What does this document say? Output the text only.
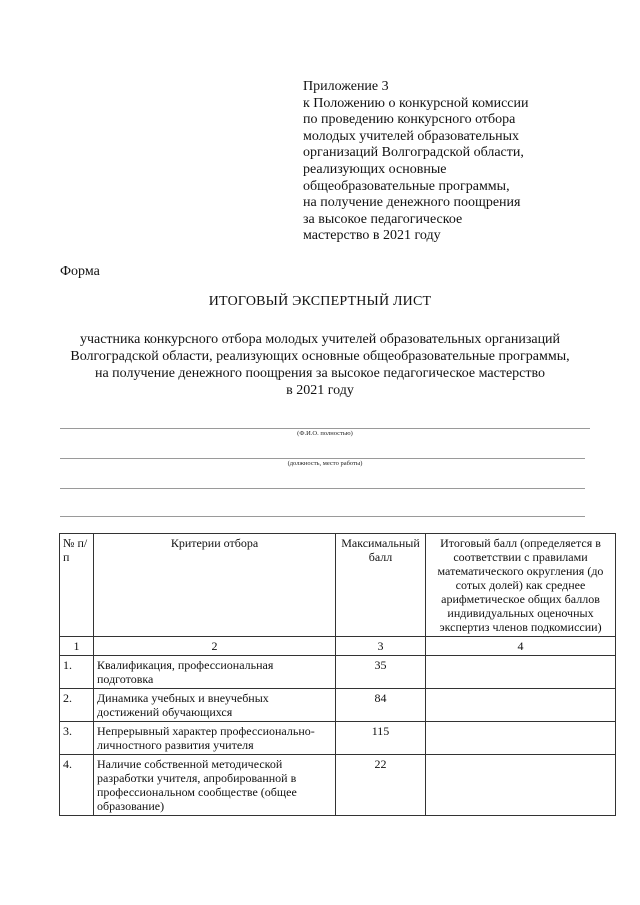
Приложение 3
к Положению о конкурсной комиссии
по проведению конкурсного отбора
молодых учителей образовательных
организаций Волгоградской области,
реализующих основные
общеобразовательные программы,
на получение денежного поощрения
за высокое педагогическое
мастерство в 2021 году
Форма
ИТОГОВЫЙ ЭКСПЕРТНЫЙ ЛИСТ
участника конкурсного отбора молодых учителей образовательных организаций
Волгоградской области, реализующих основные общеобразовательные программы,
на получение денежного поощрения за высокое педагогическое мастерство
в 2021 году
(Ф.И.О. полностью)
(должность, место работы)
№ п/п	Критерии отбора	Максимальный балл	Итоговый балл (определяется в соответствии с правилами математического округления (до сотых долей) как среднее арифметическое общих баллов индивидуальных оценочных экспертиз членов подкомиссии)
1	2	3	4
1.	Квалификация, профессиональная подготовка	35	
2.	Динамика учебных и внеучебных достижений обучающихся	84	
3.	Непрерывный характер профессионально-личностного развития учителя	115	
4.	Наличие собственной методической разработки учителя, апробированной в профессиональном сообществе (общее образование)	22	
